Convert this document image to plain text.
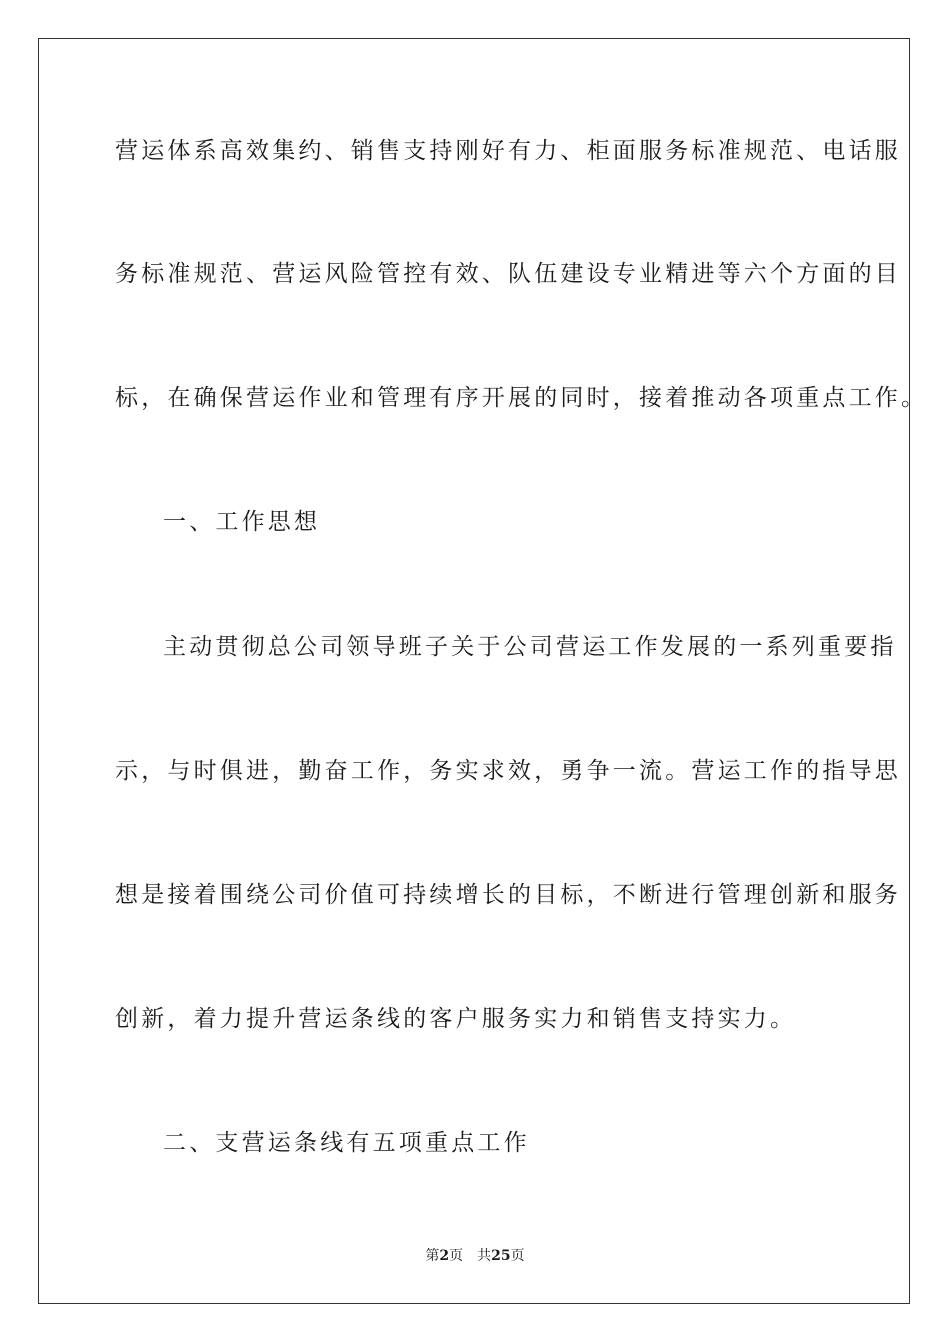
营运体系高效集约、销售支持刚好有力、柜面服务标准规范、电话服
务标准规范、营运风险管控有效、队伍建设专业精进等六个方面的目
标，在确保营运作业和管理有序开展的同时，接着推动各项重点工作。
一、工作思想
主动贯彻总公司领导班子关于公司营运工作发展的一系列重要指
示，与时俱进，勤奋工作，务实求效，勇争一流。营运工作的指导思
想是接着围绕公司价值可持续增长的目标，不断进行管理创新和服务
创新，着力提升营运条线的客户服务实力和销售支持实力。
二、支营运条线有五项重点工作
第2页 共25页
